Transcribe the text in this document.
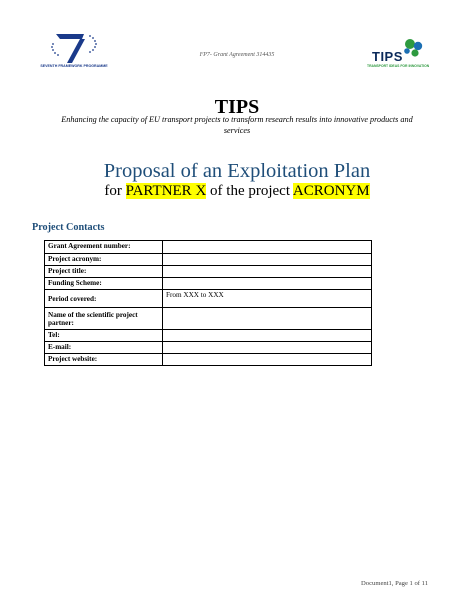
SEVENTH FRAMEWORK PROGRAMME
FP7- Grant Agreement 314435	TIPS
TRANSPORT IDEAS FOR INNOVATION
TIPS
Enhancing the capacity of EU transport projects to transform research results into innovative products and services
Proposal of an Exploitation Plan
for PARTNER X of the project ACRONYM
Project Contacts
Grant Agreement number:	
Project acronym:	
Project title:	
Funding Scheme:	
Period covered:	From XXX to XXX
Name of the scientific project partner:	
Tel:	
E-mail:	
Project website:	
Document1, Page 1 of 11
